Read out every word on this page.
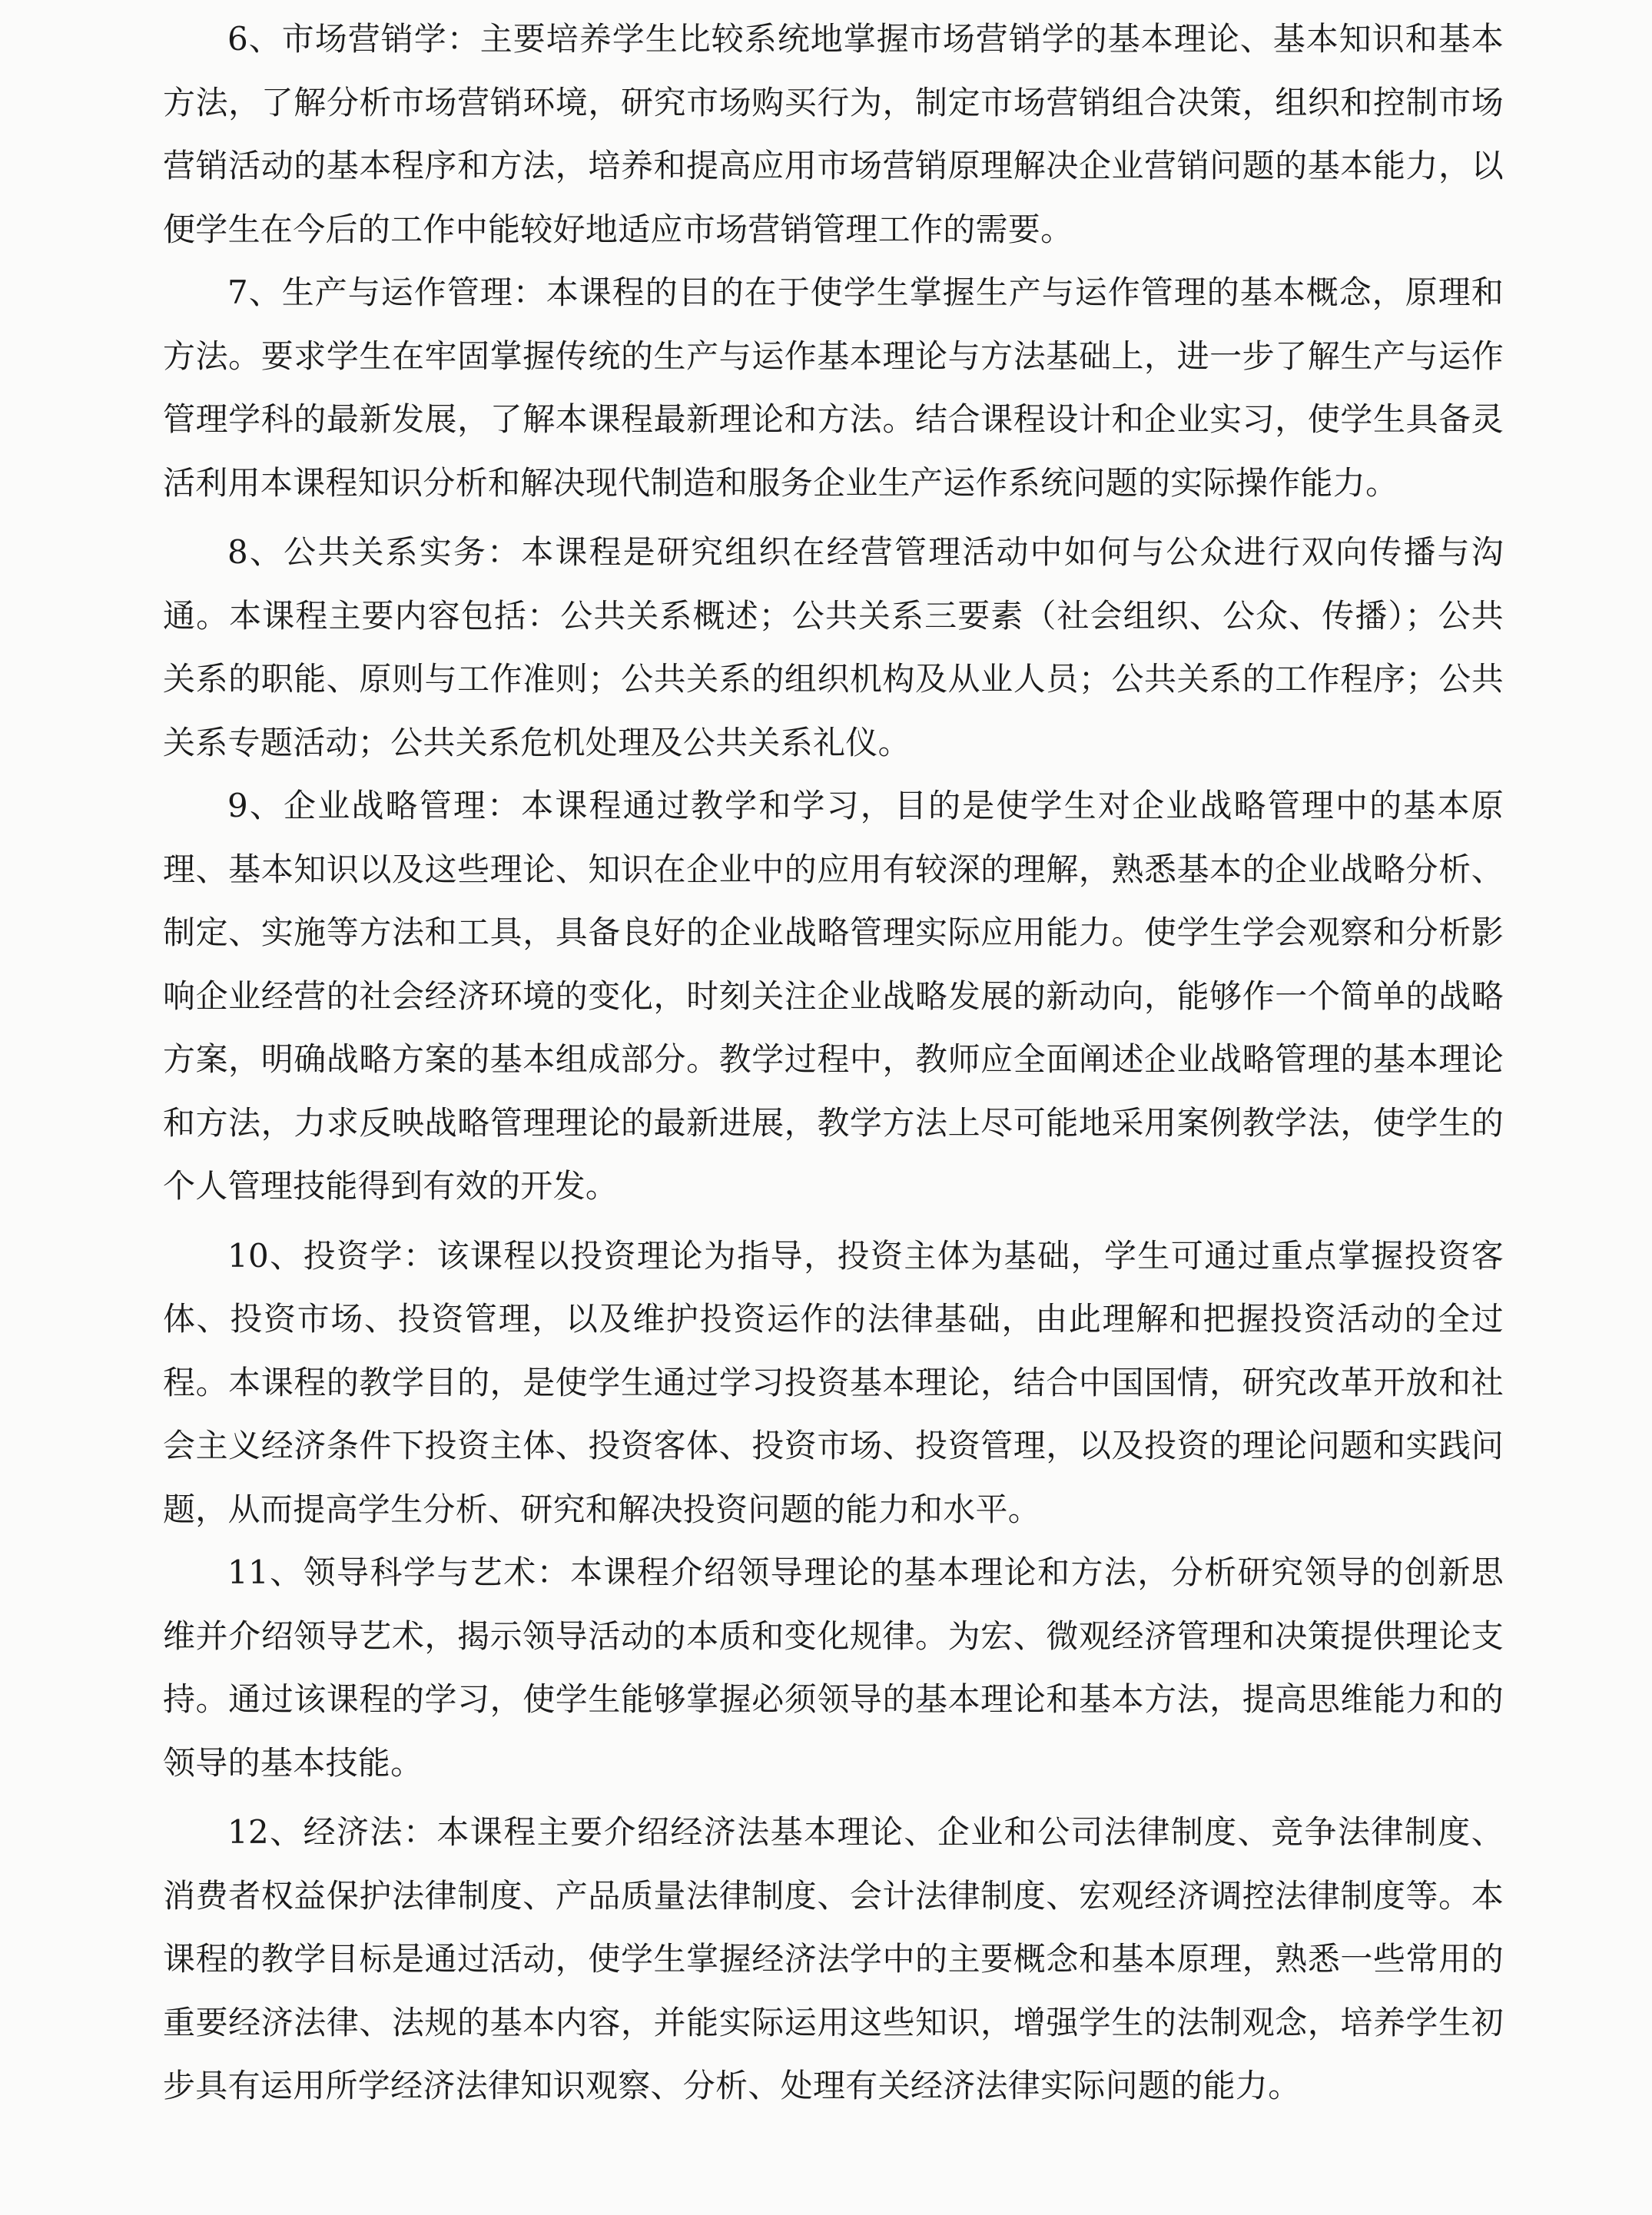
6、市场营销学：主要培养学生比较系统地掌握市场营销学的基本理论、基本知识和基本方法，了解分析市场营销环境，研究市场购买行为，制定市场营销组合决策，组织和控制市场营销活动的基本程序和方法，培养和提高应用市场营销原理解决企业营销问题的基本能力，以便学生在今后的工作中能较好地适应市场营销管理工作的需要。

7、生产与运作管理：本课程的目的在于使学生掌握生产与运作管理的基本概念，原理和方法。要求学生在牢固掌握传统的生产与运作基本理论与方法基础上，进一步了解生产与运作管理学科的最新发展，了解本课程最新理论和方法。结合课程设计和企业实习，使学生具备灵活利用本课程知识分析和解决现代制造和服务企业生产运作系统问题的实际操作能力。

8、公共关系实务：本课程是研究组织在经营管理活动中如何与公众进行双向传播与沟通。本课程主要内容包括：公共关系概述；公共关系三要素（社会组织、公众、传播）；公共关系的职能、原则与工作准则；公共关系的组织机构及从业人员；公共关系的工作程序；公共关系专题活动；公共关系危机处理及公共关系礼仪。

9、企业战略管理：本课程通过教学和学习，目的是使学生对企业战略管理中的基本原理、基本知识以及这些理论、知识在企业中的应用有较深的理解，熟悉基本的企业战略分析、制定、实施等方法和工具，具备良好的企业战略管理实际应用能力。使学生学会观察和分析影响企业经营的社会经济环境的变化，时刻关注企业战略发展的新动向，能够作一个简单的战略方案，明确战略方案的基本组成部分。教学过程中，教师应全面阐述企业战略管理的基本理论和方法，力求反映战略管理理论的最新进展，教学方法上尽可能地采用案例教学法，使学生的个人管理技能得到有效的开发。

10、投资学：该课程以投资理论为指导，投资主体为基础，学生可通过重点掌握投资客体、投资市场、投资管理，以及维护投资运作的法律基础，由此理解和把握投资活动的全过程。本课程的教学目的，是使学生通过学习投资基本理论，结合中国国情，研究改革开放和社会主义经济条件下投资主体、投资客体、投资市场、投资管理，以及投资的理论问题和实践问题，从而提高学生分析、研究和解决投资问题的能力和水平。

11、领导科学与艺术：本课程介绍领导理论的基本理论和方法，分析研究领导的创新思维并介绍领导艺术，揭示领导活动的本质和变化规律。为宏、微观经济管理和决策提供理论支持。通过该课程的学习，使学生能够掌握必须领导的基本理论和基本方法，提高思维能力和的领导的基本技能。

12、经济法：本课程主要介绍经济法基本理论、企业和公司法律制度、竞争法律制度、消费者权益保护法律制度、产品质量法律制度、会计法律制度、宏观经济调控法律制度等。本课程的教学目标是通过活动，使学生掌握经济法学中的主要概念和基本原理，熟悉一些常用的重要经济法律、法规的基本内容，并能实际运用这些知识，增强学生的法制观念，培养学生初步具有运用所学经济法律知识观察、分析、处理有关经济法律实际问题的能力。
